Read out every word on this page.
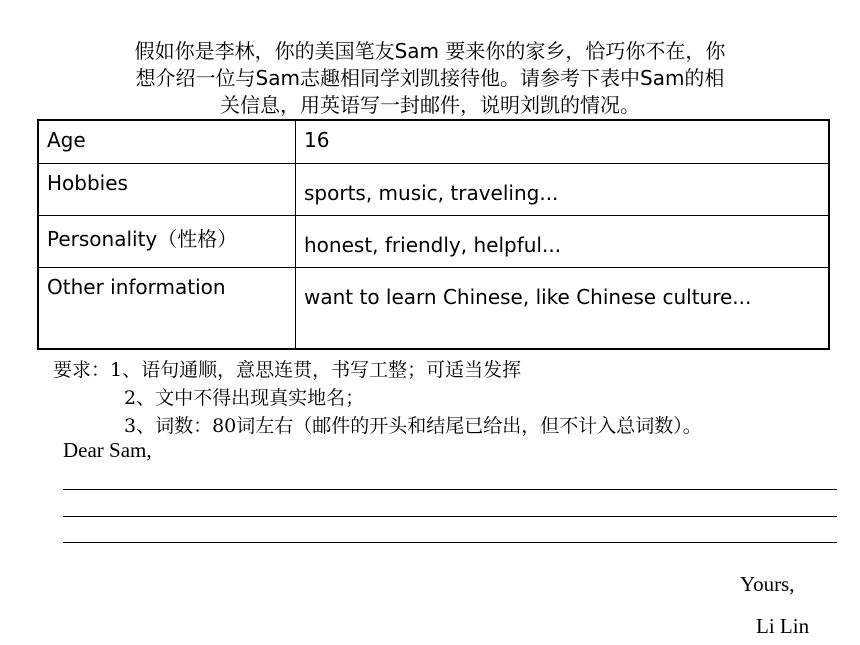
假如你是李林，你的美国笔友Sam 要来你的家乡，恰巧你不在，你
想介绍一位与Sam志趣相同学刘凯接待他。请参考下表中Sam的相
关信息，用英语写一封邮件，说明刘凯的情况。
Age	16
Hobbies	sports, music, traveling...
Personality（性格）	honest, friendly, helpful...
Other information	want to learn Chinese, like Chinese culture...
要求：1、语句通顺，意思连贯，书写工整；可适当发挥
2、文中不得出现真实地名；
3、词数：80词左右（邮件的开头和结尾已给出，但不计入总词数）。
Dear Sam,
Yours,
Li Lin
